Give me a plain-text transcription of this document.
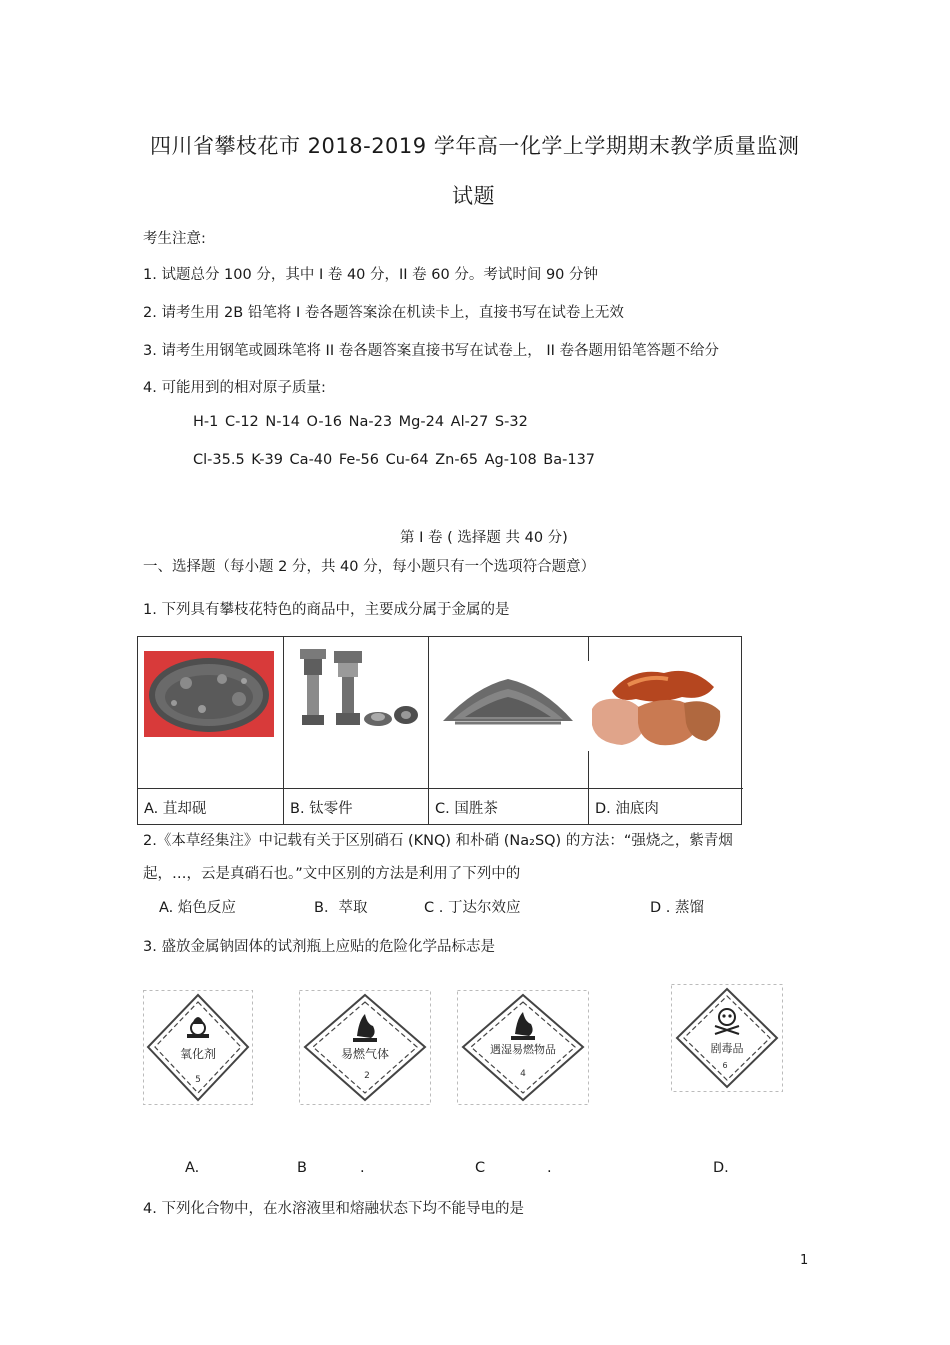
四川省攀枝花市 2018-2019 学年高一化学上学期期末教学质量监测
试题
考生注意:
1. 试题总分 100 分，其中 I 卷 40 分，II 卷 60 分。考试时间 90 分钟
2. 请考生用 2B 铅笔将 I 卷各题答案涂在机读卡上，直接书写在试卷上无效
3. 请考生用钢笔或圆珠笔将 II 卷各题答案直接书写在试卷上， II 卷各题用铅笔答题不给分
4. 可能用到的相对原子质量:
H-1 C-12 N-14 O-16 Na-23 Mg-24 Al-27 S-32
Cl-35.5 K-39 Ca-40 Fe-56 Cu-64 Zn-65 Ag-108 Ba-137
第 I 卷 ( 选择题 共 40 分)
一、选择题（每小题 2 分，共 40 分，每小题只有一个选项符合题意）
1. 下列具有攀枝花特色的商品中，主要成分属于金属的是
A. 苴却砚	B. 钛零件	C. 国胜茶	D. 油底肉
2.《本草经集注》中记载有关于区别硝石 (KNQ) 和朴硝 (Na₂SQ) 的方法：“强烧之，紫青烟
起，…，云是真硝石也。”文中区别的方法是利用了下列中的
A. 焰色反应	B．萃取	C . 丁达尔效应	D . 蒸馏
3. 盛放金属钠固体的试剂瓶上应贴的危险化学品标志是
氧化剂
5
易燃气体
2
遇湿易燃物品
4
剧毒品
6
A.	B	.	C	.	D.
4. 下列化合物中，在水溶液里和熔融状态下均不能导电的是
1
